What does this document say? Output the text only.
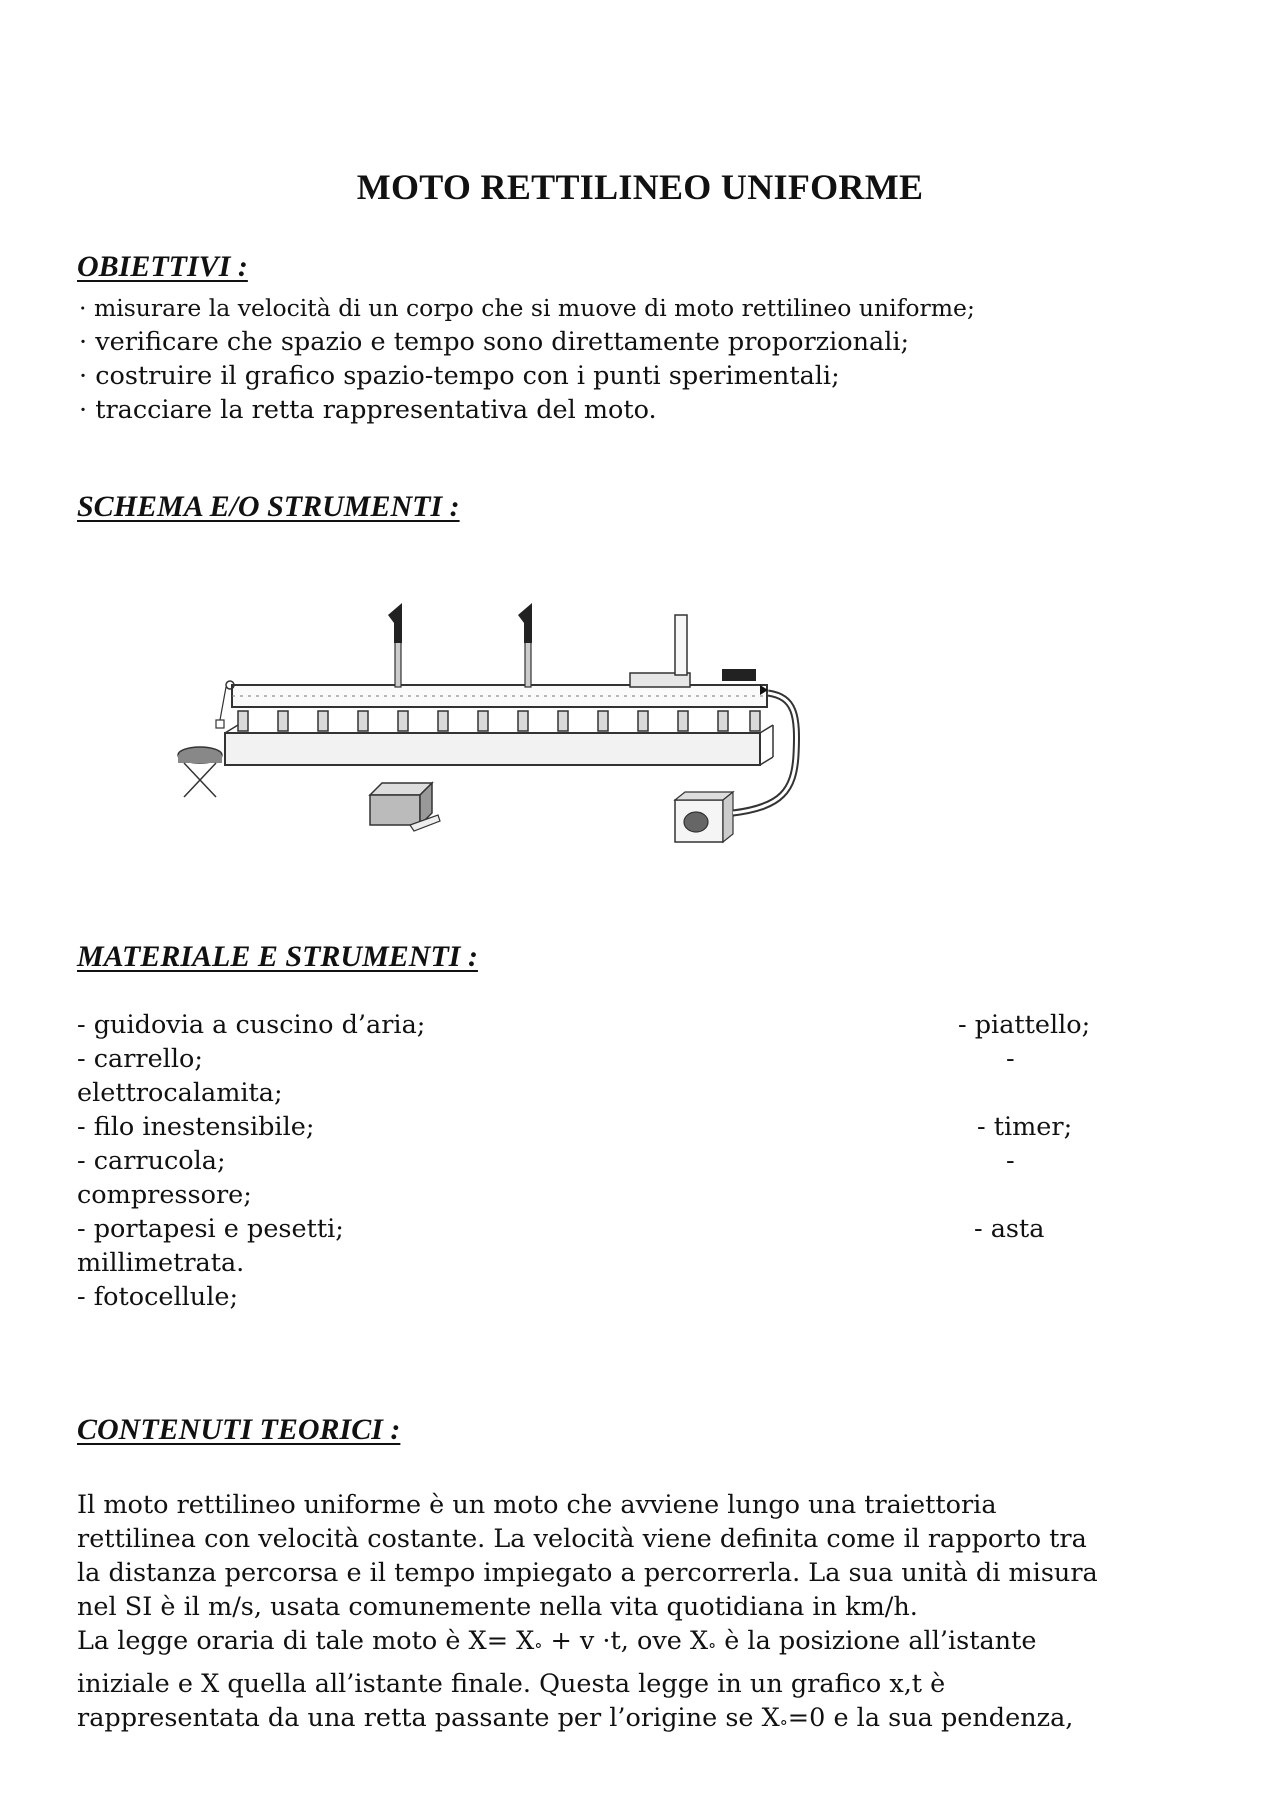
MOTO RETTILINEO UNIFORME
OBIETTIVI :
· misurare la velocità di un corpo che si muove di moto rettilineo uniforme;
· verificare che spazio e tempo sono direttamente proporzionali;
· costruire il grafico spazio-tempo con i punti sperimentali;
· tracciare la retta rappresentativa del moto.
SCHEMA E/O STRUMENTI :
MATERIALE E STRUMENTI :
- guidovia a cuscino d’aria;
- carrello;
elettrocalamita;
- filo inestensibile;
- carrucola;
compressore;
- portapesi e pesetti;
millimetrata.
- fotocellule;
- piattello;
-
- timer;
-
- asta
CONTENUTI TEORICI :
Il moto rettilineo uniforme è un moto che avviene lungo una traiettoria
rettilinea con velocità costante. La velocità viene definita come il rapporto tra
la distanza percorsa e il tempo impiegato a percorrerla. La sua unità di misura
nel SI è il m/s, usata comunemente nella vita quotidiana in km/h.
La legge oraria di tale moto è $X= X^\circ + v \cdot t$, ove $X^\circ$ è la posizione all’istante
iniziale e X quella all’istante finale. Questa legge in un grafico x,t è
rappresentata da una retta passante per l’origine se $X^\circ=0$ e la sua pendenza,
